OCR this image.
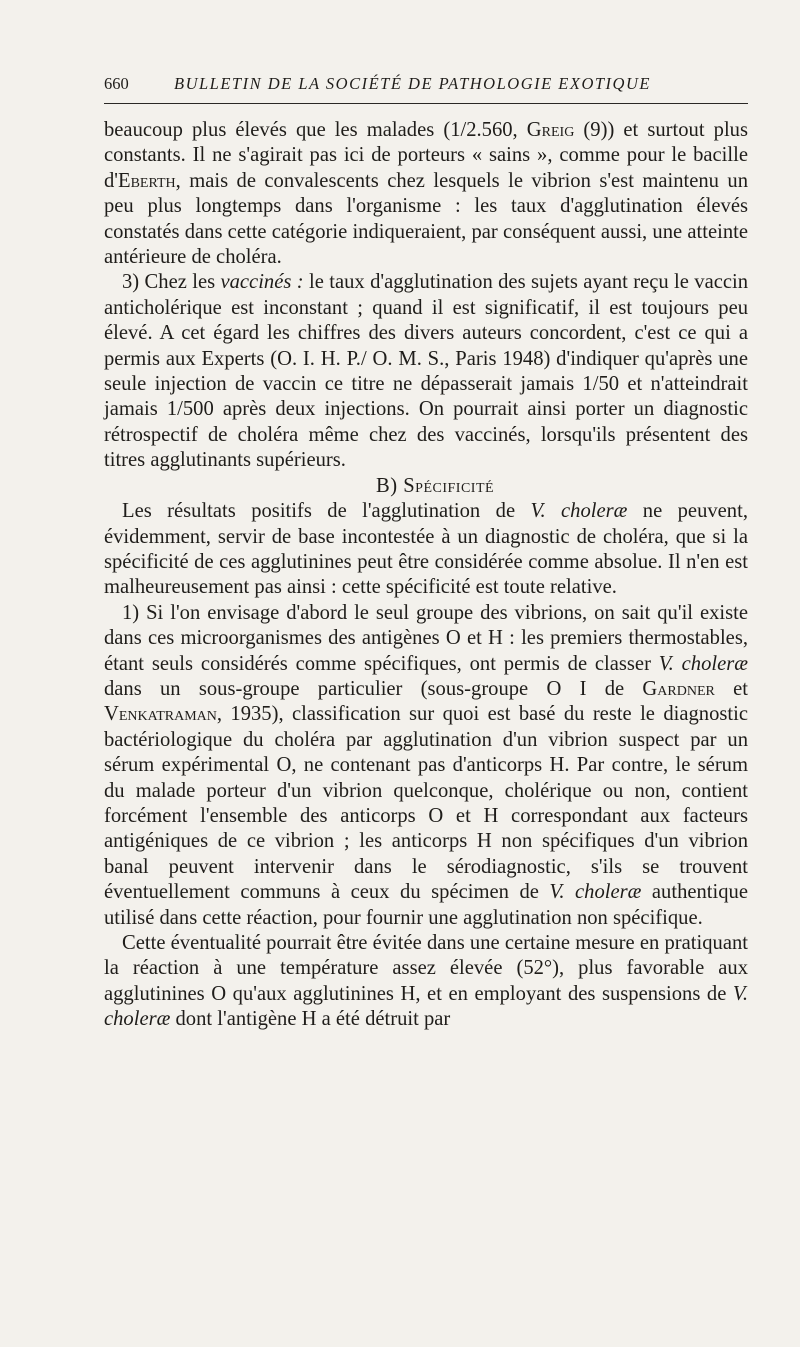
660	BULLETIN DE LA SOCIÉTÉ DE PATHOLOGIE EXOTIQUE

beaucoup plus élevés que les malades (1/2.560, Greig (9)) et surtout plus constants. Il ne s'agirait pas ici de porteurs « sains », comme pour le bacille d'Eberth, mais de convalescents chez lesquels le vibrion s'est maintenu un peu plus longtemps dans l'organisme : les taux d'agglutination élevés constatés dans cette catégorie indiqueraient, par conséquent aussi, une atteinte antérieure de choléra.

3) Chez les vaccinés : le taux d'agglutination des sujets ayant reçu le vaccin anticholérique est inconstant ; quand il est significatif, il est toujours peu élevé. A cet égard les chiffres des divers auteurs concordent, c'est ce qui a permis aux Experts (O. I. H. P./ O. M. S., Paris 1948) d'indiquer qu'après une seule injection de vaccin ce titre ne dépasserait jamais 1/50 et n'atteindrait jamais 1/500 après deux injections. On pourrait ainsi porter un diagnostic rétrospectif de choléra même chez des vaccinés, lorsqu'ils présentent des titres agglutinants supérieurs.

B) Spécificité

Les résultats positifs de l'agglutination de V. choleræ ne peuvent, évidemment, servir de base incontestée à un diagnostic de choléra, que si la spécificité de ces agglutinines peut être considérée comme absolue. Il n'en est malheureusement pas ainsi : cette spécificité est toute relative.

1) Si l'on envisage d'abord le seul groupe des vibrions, on sait qu'il existe dans ces microorganismes des antigènes O et H : les premiers thermostables, étant seuls considérés comme spécifiques, ont permis de classer V. choleræ dans un sous-groupe particulier (sous-groupe O I de Gardner et Venkatraman, 1935), classification sur quoi est basé du reste le diagnostic bactériologique du choléra par agglutination d'un vibrion suspect par un sérum expérimental O, ne contenant pas d'anticorps H. Par contre, le sérum du malade porteur d'un vibrion quelconque, cholérique ou non, contient forcément l'ensemble des anticorps O et H correspondant aux facteurs antigéniques de ce vibrion ; les anticorps H non spécifiques d'un vibrion banal peuvent intervenir dans le sérodiagnostic, s'ils se trouvent éventuellement communs à ceux du spécimen de V. choleræ authentique utilisé dans cette réaction, pour fournir une agglutination non spécifique.

Cette éventualité pourrait être évitée dans une certaine mesure en pratiquant la réaction à une température assez élevée (52°), plus favorable aux agglutinines O qu'aux agglutinines H, et en employant des suspensions de V. choleræ dont l'antigène H a été détruit par
